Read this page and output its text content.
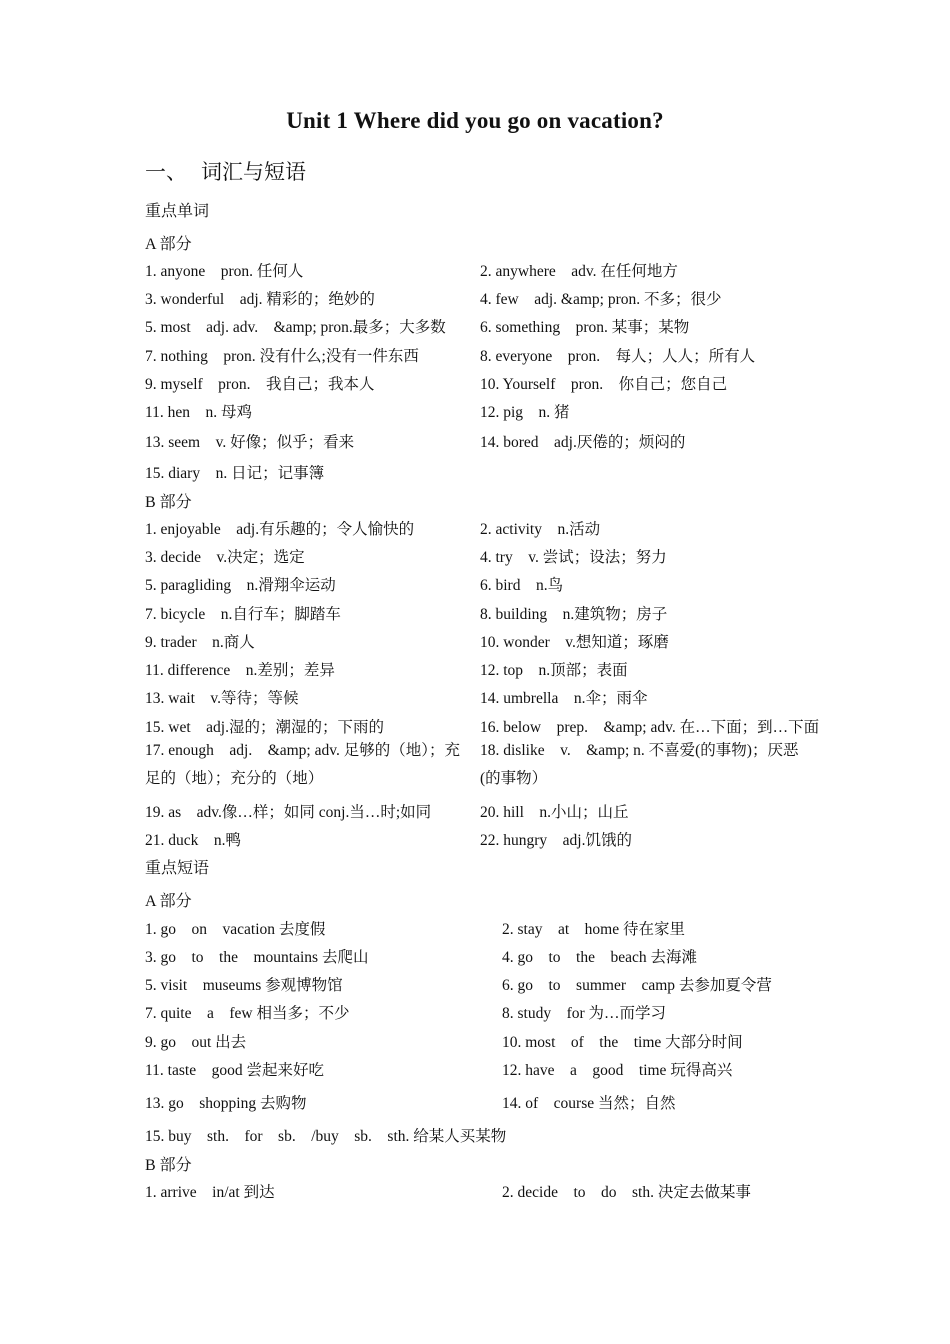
Unit 1 Where did you go on vacation?
一、 词汇与短语
重点单词
A 部分
1. anyone　pron. 任何人	2. anywhere　adv. 在任何地方
3. wonderful　adj. 精彩的；绝妙的	4. few　adj. &amp; pron. 不多；很少
5. most　adj. adv.　&amp; pron.最多；大多数	6. something　pron. 某事；某物
7. nothing　pron. 没有什么;没有一件东西	8. everyone　pron.　每人；人人；所有人
9. myself　pron.　我自己；我本人	10. Yourself　pron.　你自己；您自己
11. hen　n. 母鸡	12. pig　n. 猪
13. seem　v. 好像；似乎；看来	14. bored　adj.厌倦的；烦闷的
15. diary　n. 日记；记事簿
B 部分
1. enjoyable　adj.有乐趣的；令人愉快的	2. activity　n.活动
3. decide　v.决定；选定	4. try　v. 尝试；设法；努力
5. paragliding　n.滑翔伞运动	6. bird　n.鸟
7. bicycle　n.自行车；脚踏车	8. building　n.建筑物；房子
9. trader　n.商人	10. wonder　v.想知道；琢磨
11. difference　n.差别；差异	12. top　n.顶部；表面
13. wait　v.等待；等候	14. umbrella　n.伞；雨伞
15. wet　adj.湿的；潮湿的；下雨的	16. below　prep.　&amp; adv. 在…下面；到…下面
17. enough　adj.　&amp; adv. 足够的（地）；充足的（地）；充分的（地）
18. dislike　v.　&amp; n. 不喜爱(的事物)；厌恶(的事物）
19. as　adv.像…样；如同 conj.当…时;如同	20. hill　n.小山；山丘
21. duck　n.鸭	22. hungry　adj.饥饿的
重点短语
A 部分
1. go　on　vacation 去度假	2. stay　at　home 待在家里
3. go　to　the　mountains 去爬山	4. go　to　the　beach 去海滩
5. visit　museums 参观博物馆	6. go　to　summer　camp 去参加夏令营
7. quite　a　few 相当多；不少	8. study　for 为…而学习
9. go　out 出去	10. most　of　the　time 大部分时间
11. taste　good 尝起来好吃	12. have　a　good　time 玩得高兴
13. go　shopping 去购物	14. of　course 当然；自然
15. buy　sth.　for　sb.　/buy　sb.　sth. 给某人买某物
B 部分
1. arrive　in/at 到达	2. decide　to　do　sth. 决定去做某事
